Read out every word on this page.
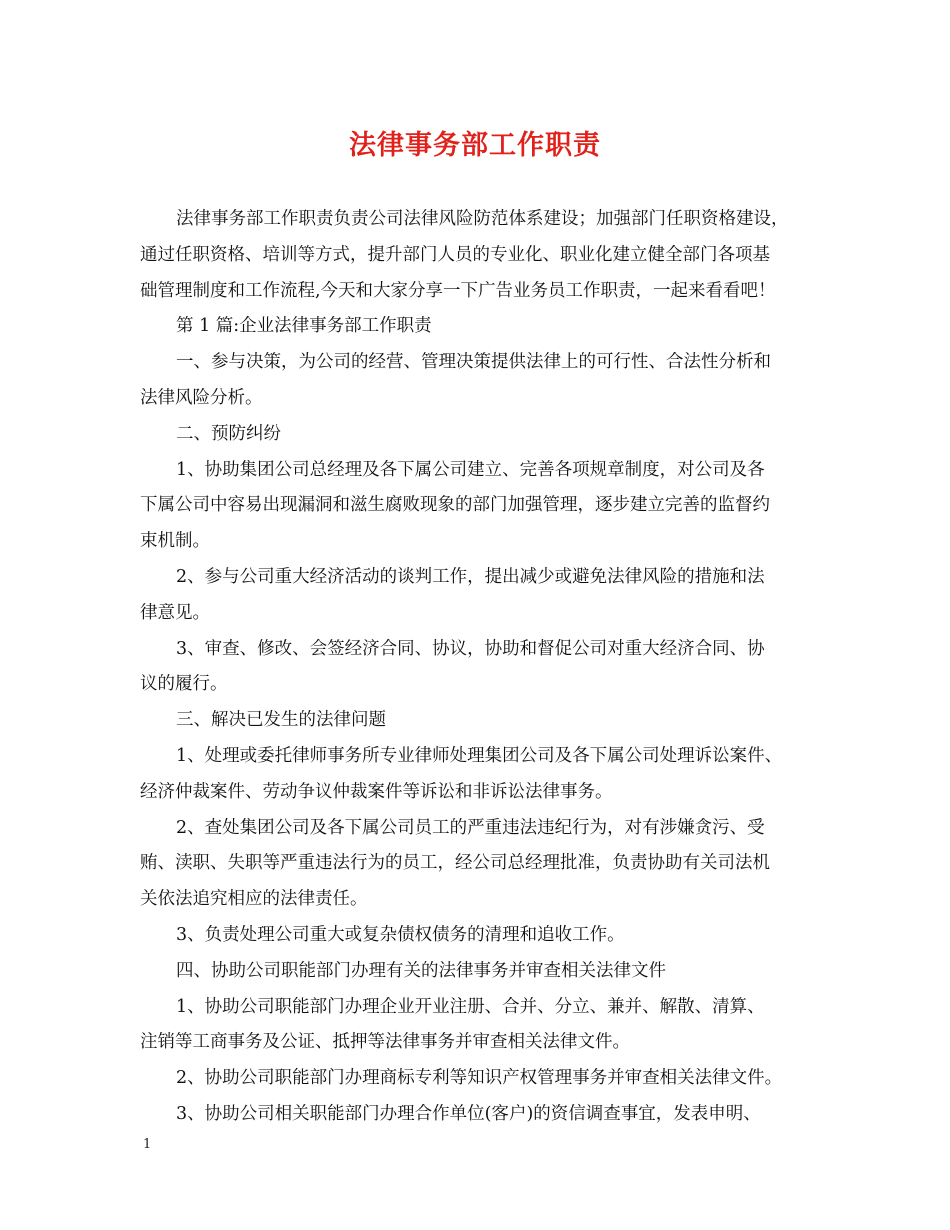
法律事务部工作职责
法律事务部工作职责负责公司法律风险防范体系建设；加强部门任职资格建设，
通过任职资格、培训等方式，提升部门人员的专业化、职业化建立健全部门各项基
础管理制度和工作流程,今天和大家分享一下广告业务员工作职责，一起来看看吧！
第 1 篇:企业法律事务部工作职责
一、参与决策，为公司的经营、管理决策提供法律上的可行性、合法性分析和
法律风险分析。
二、预防纠纷
1、协助集团公司总经理及各下属公司建立、完善各项规章制度，对公司及各
下属公司中容易出现漏洞和滋生腐败现象的部门加强管理，逐步建立完善的监督约
束机制。
2、参与公司重大经济活动的谈判工作，提出减少或避免法律风险的措施和法
律意见。
3、审查、修改、会签经济合同、协议，协助和督促公司对重大经济合同、协
议的履行。
三、解决已发生的法律问题
1、处理或委托律师事务所专业律师处理集团公司及各下属公司处理诉讼案件、
经济仲裁案件、劳动争议仲裁案件等诉讼和非诉讼法律事务。
2、查处集团公司及各下属公司员工的严重违法违纪行为，对有涉嫌贪污、受
贿、渎职、失职等严重违法行为的员工，经公司总经理批准，负责协助有关司法机
关依法追究相应的法律责任。
3、负责处理公司重大或复杂债权债务的清理和追收工作。
四、协助公司职能部门办理有关的法律事务并审查相关法律文件
1、协助公司职能部门办理企业开业注册、合并、分立、兼并、解散、清算、
注销等工商事务及公证、抵押等法律事务并审查相关法律文件。
2、协助公司职能部门办理商标专利等知识产权管理事务并审查相关法律文件。
3、协助公司相关职能部门办理合作单位(客户)的资信调查事宜，发表申明、
1
